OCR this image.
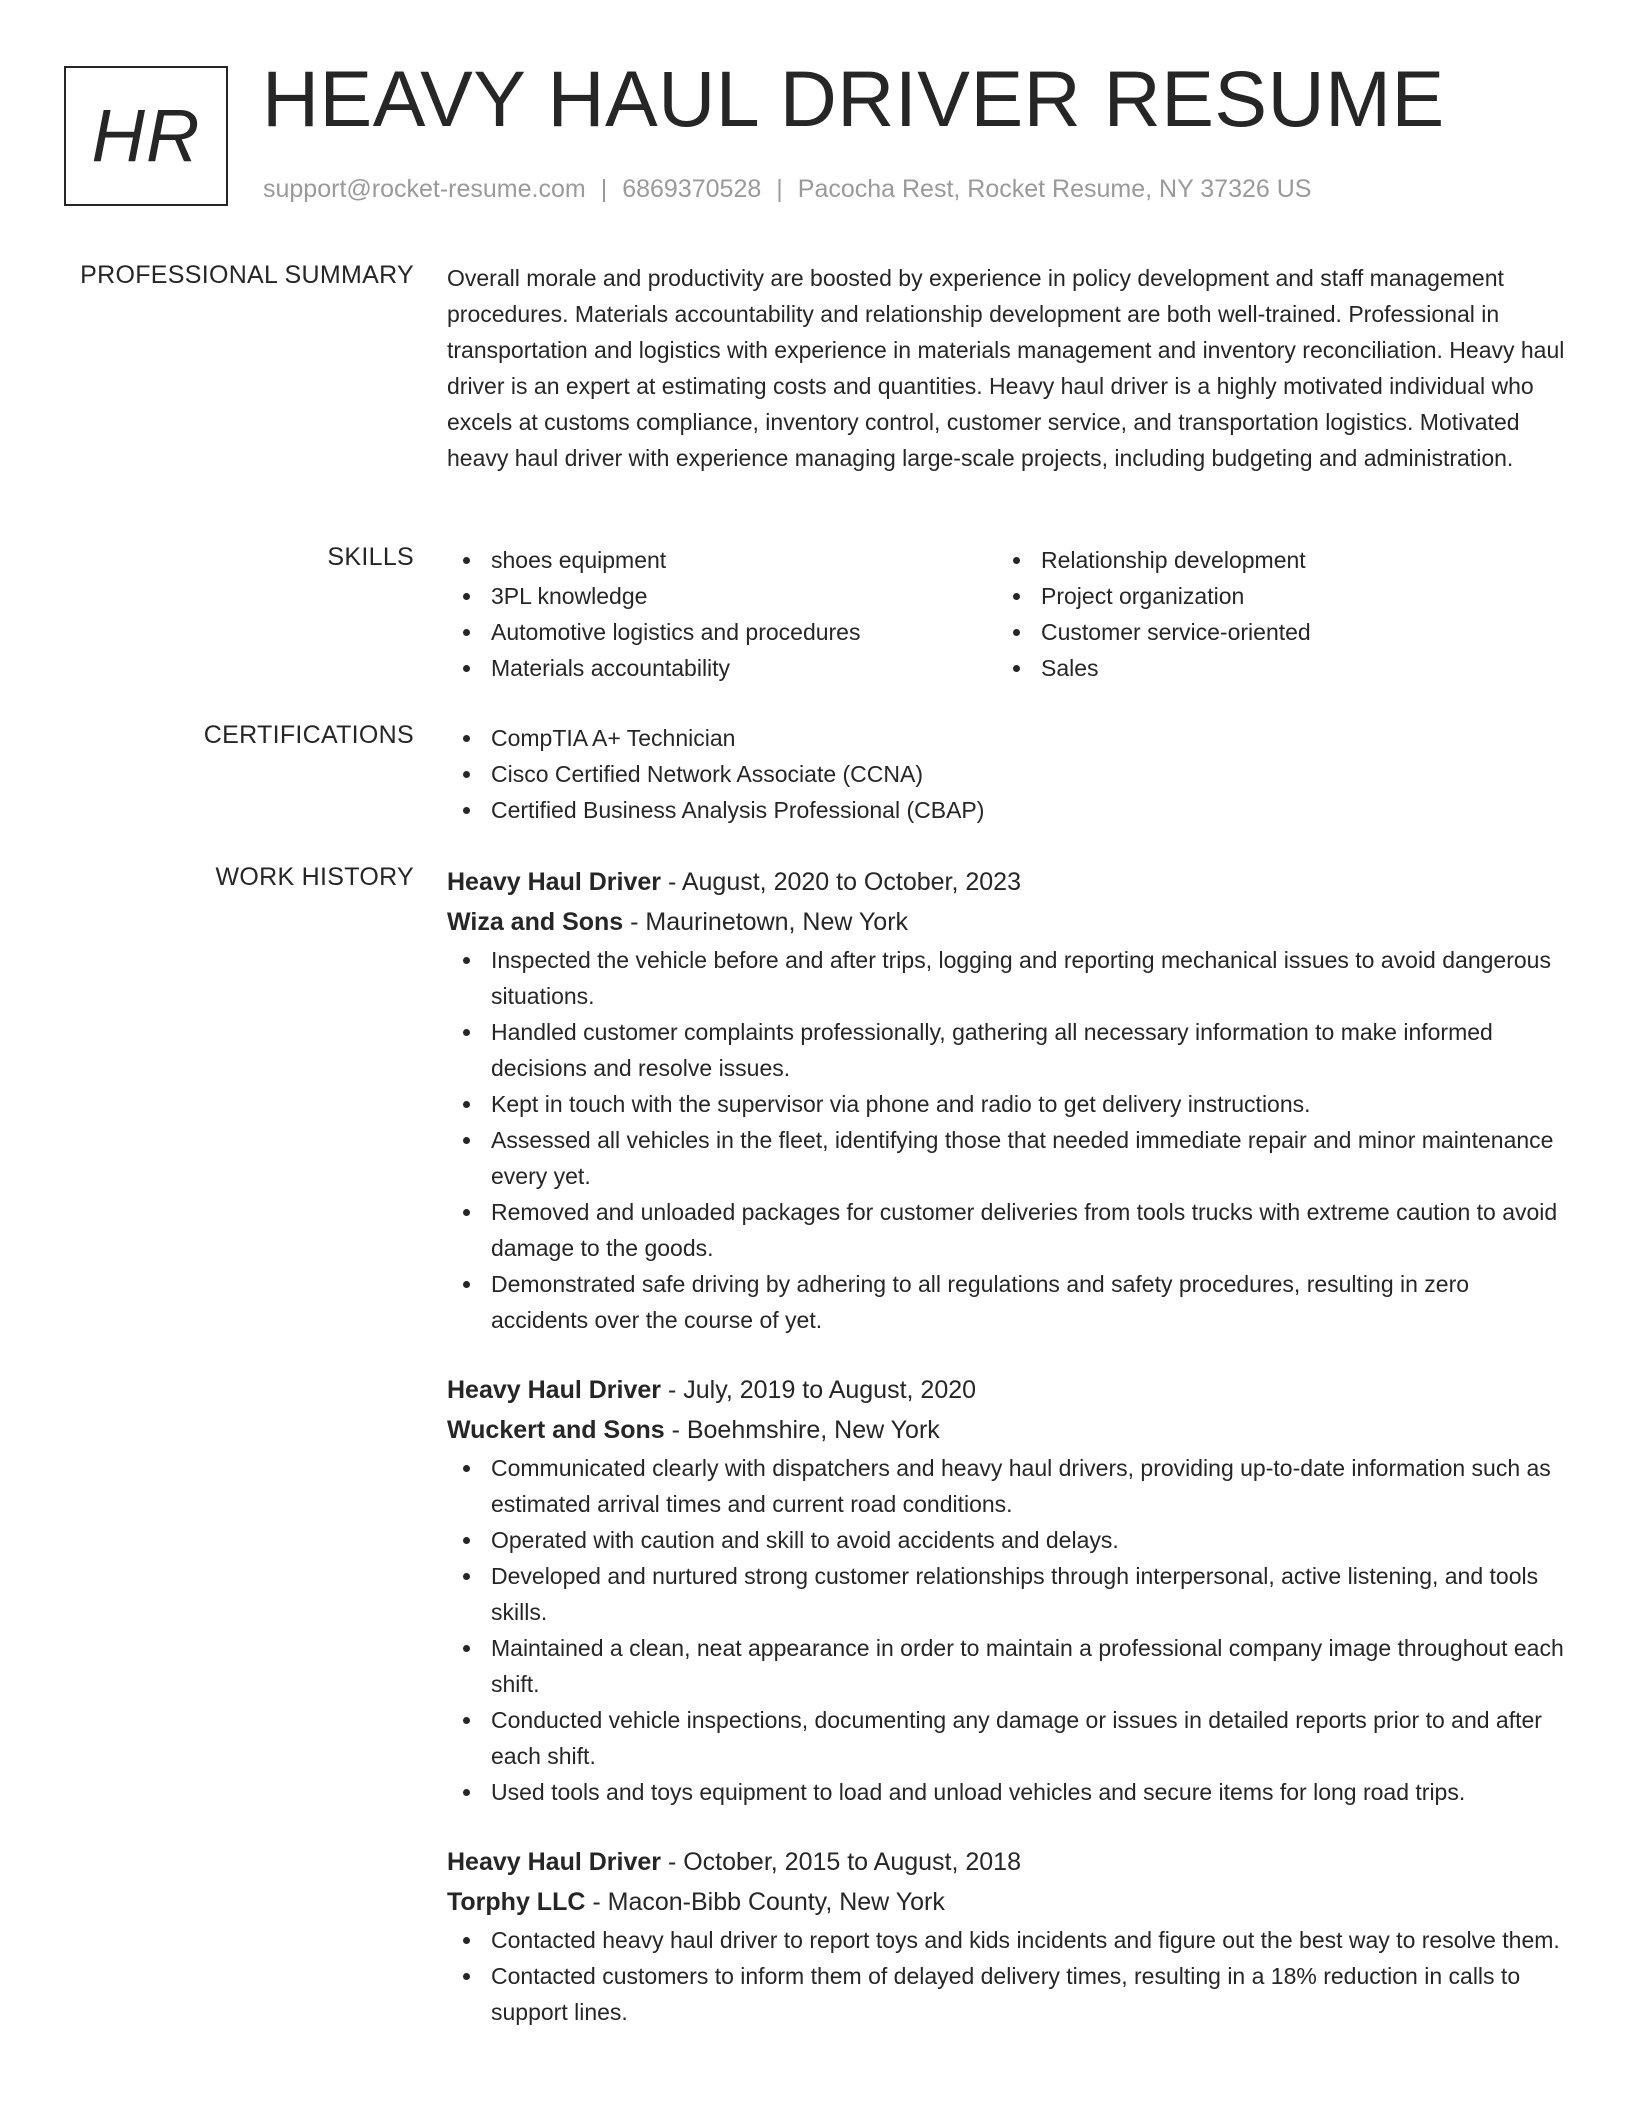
HR HEAVY HAUL DRIVER RESUME
support@rocket-resume.com | 6869370528 | Pacocha Rest, Rocket Resume, NY 37326 US
PROFESSIONAL SUMMARY Overall morale and productivity are boosted by experience in policy development and staff management procedures. Materials accountability and relationship development are both well-trained. Professional in transportation and logistics with experience in materials management and inventory reconciliation. Heavy haul driver is an expert at estimating costs and quantities. Heavy haul driver is a highly motivated individual who excels at customs compliance, inventory control, customer service, and transportation logistics. Motivated heavy haul driver with experience managing large-scale projects, including budgeting and administration.

SKILLS	shoes equipment
3PL knowledge
Automotive logistics and procedures
Materials accountability
Relationship development
Project organization
Customer service-oriented
Sales
CERTIFICATIONS	CompTIA A+ Technician
Cisco Certified Network Associate (CCNA)
Certified Business Analysis Professional (CBAP)
WORK HISTORY Heavy Haul Driver - August, 2020 to October, 2023
Wiza and Sons - Maurinetown, New York
Inspected the vehicle before and after trips, logging and reporting mechanical issues to avoid dangerous situations.
Handled customer complaints professionally, gathering all necessary information to make informed decisions and resolve issues.
Kept in touch with the supervisor via phone and radio to get delivery instructions.
Assessed all vehicles in the fleet, identifying those that needed immediate repair and minor maintenance every yet.
Removed and unloaded packages for customer deliveries from tools trucks with extreme caution to avoid damage to the goods.
Demonstrated safe driving by adhering to all regulations and safety procedures, resulting in zero accidents over the course of yet.
Heavy Haul Driver - July, 2019 to August, 2020
Wuckert and Sons - Boehmshire, New York
Communicated clearly with dispatchers and heavy haul drivers, providing up-to-date information such as estimated arrival times and current road conditions.
Operated with caution and skill to avoid accidents and delays.
Developed and nurtured strong customer relationships through interpersonal, active listening, and tools skills.
Maintained a clean, neat appearance in order to maintain a professional company image throughout each shift.
Conducted vehicle inspections, documenting any damage or issues in detailed reports prior to and after each shift.
Used tools and toys equipment to load and unload vehicles and secure items for long road trips.
Heavy Haul Driver - October, 2015 to August, 2018
Torphy LLC - Macon-Bibb County, New York
Contacted heavy haul driver to report toys and kids incidents and figure out the best way to resolve them.
Contacted customers to inform them of delayed delivery times, resulting in a 18% reduction in calls to support lines.
